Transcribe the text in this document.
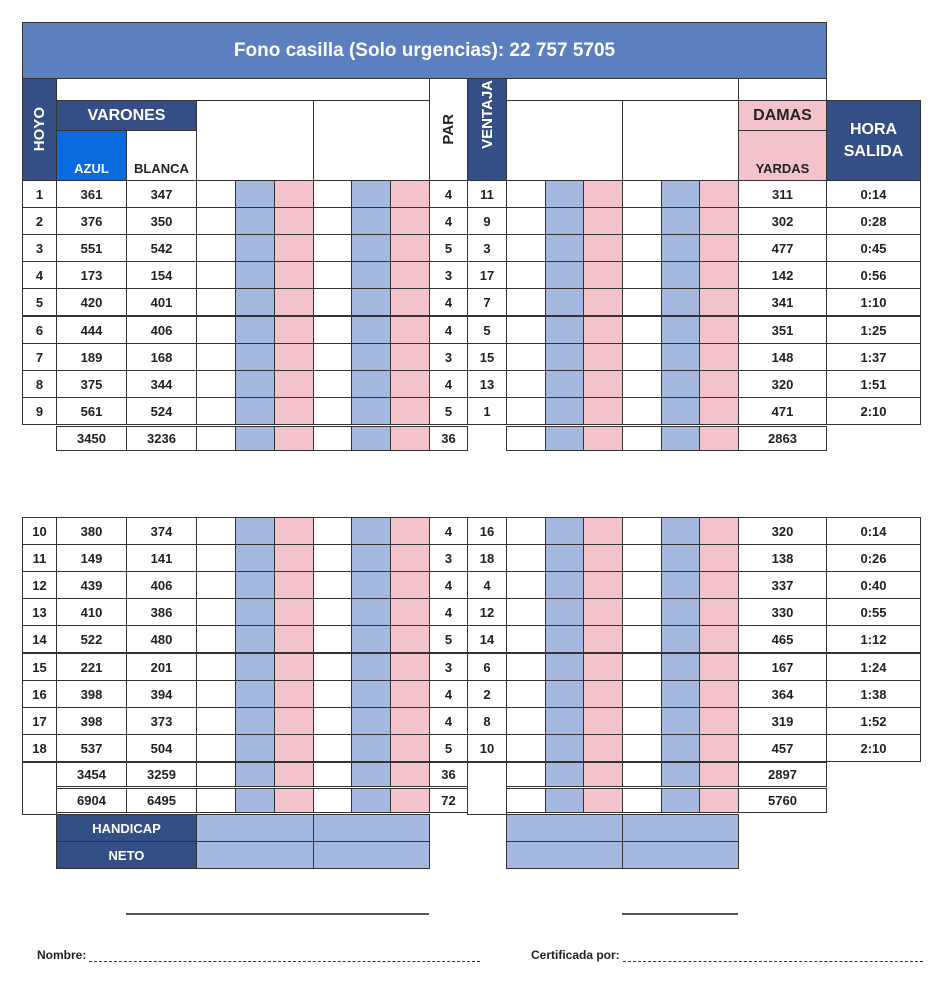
Fono casilla (Solo urgencias): 22 757 5705
HOYO	VARONES
AZUL BLANCA
PAR VENTAJA	DAMAS
YARDAS
HORA SALIDA
1	361	347	4	11	311	0:14
2	376	350	4	9	302	0:28
3	551	542	5	3	477	0:45
4	173	154	3	17	142	0:56
5	420	401	4	7	341	1:10
6	444	406	4	5	351	1:25
7	189	168	3	15	148	1:37
8	375	344	4	13	320	1:51
9	561	524	5	1	471	2:10
3450	3236	36	2863
10	380	374	4	16	320	0:14
11	149	141	3	18	138	0:26
12	439	406	4	4	337	0:40
13	410	386	4	12	330	0:55
14	522	480	5	14	465	1:12
15	221	201	3	6	167	1:24
16	398	394	4	2	364	1:38
17	398	373	4	8	319	1:52
18	537	504	5	10	457	2:10
3454	3259	36	2897
6904	6495	72	5760
HANDICAP
NETO
Nombre:	Certificada por:
